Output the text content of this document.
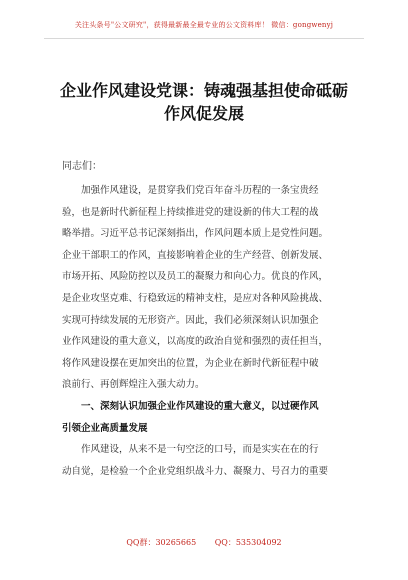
关注头条号"公文研究"，获得最新最全最专业的公文资料库！ 微信：gongwenyj
企业作风建设党课：铸魂强基担使命砥砺
作风促发展
同志们：
加强作风建设，是贯穿我们党百年奋斗历程的一条宝贵经
验，也是新时代新征程上持续推进党的建设新的伟大工程的战
略举措。习近平总书记深刻指出，作风问题本质上是党性问题。
企业干部职工的作风，直接影响着企业的生产经营、创新发展、
市场开拓、风险防控以及员工的凝聚力和向心力。优良的作风，
是企业攻坚克难、行稳致远的精神支柱，是应对各种风险挑战、
实现可持续发展的无形资产。因此，我们必须深刻认识加强企
业作风建设的重大意义，以高度的政治自觉和强烈的责任担当，
将作风建设摆在更加突出的位置，为企业在新时代新征程中破
浪前行、再创辉煌注入强大动力。
一、深刻认识加强企业作风建设的重大意义，以过硬作风
引领企业高质量发展
作风建设，从来不是一句空泛的口号，而是实实在在的行
动自觉，是检验一个企业党组织战斗力、凝聚力、号召力的重要
QQ群：30265665 QQ：535304092
